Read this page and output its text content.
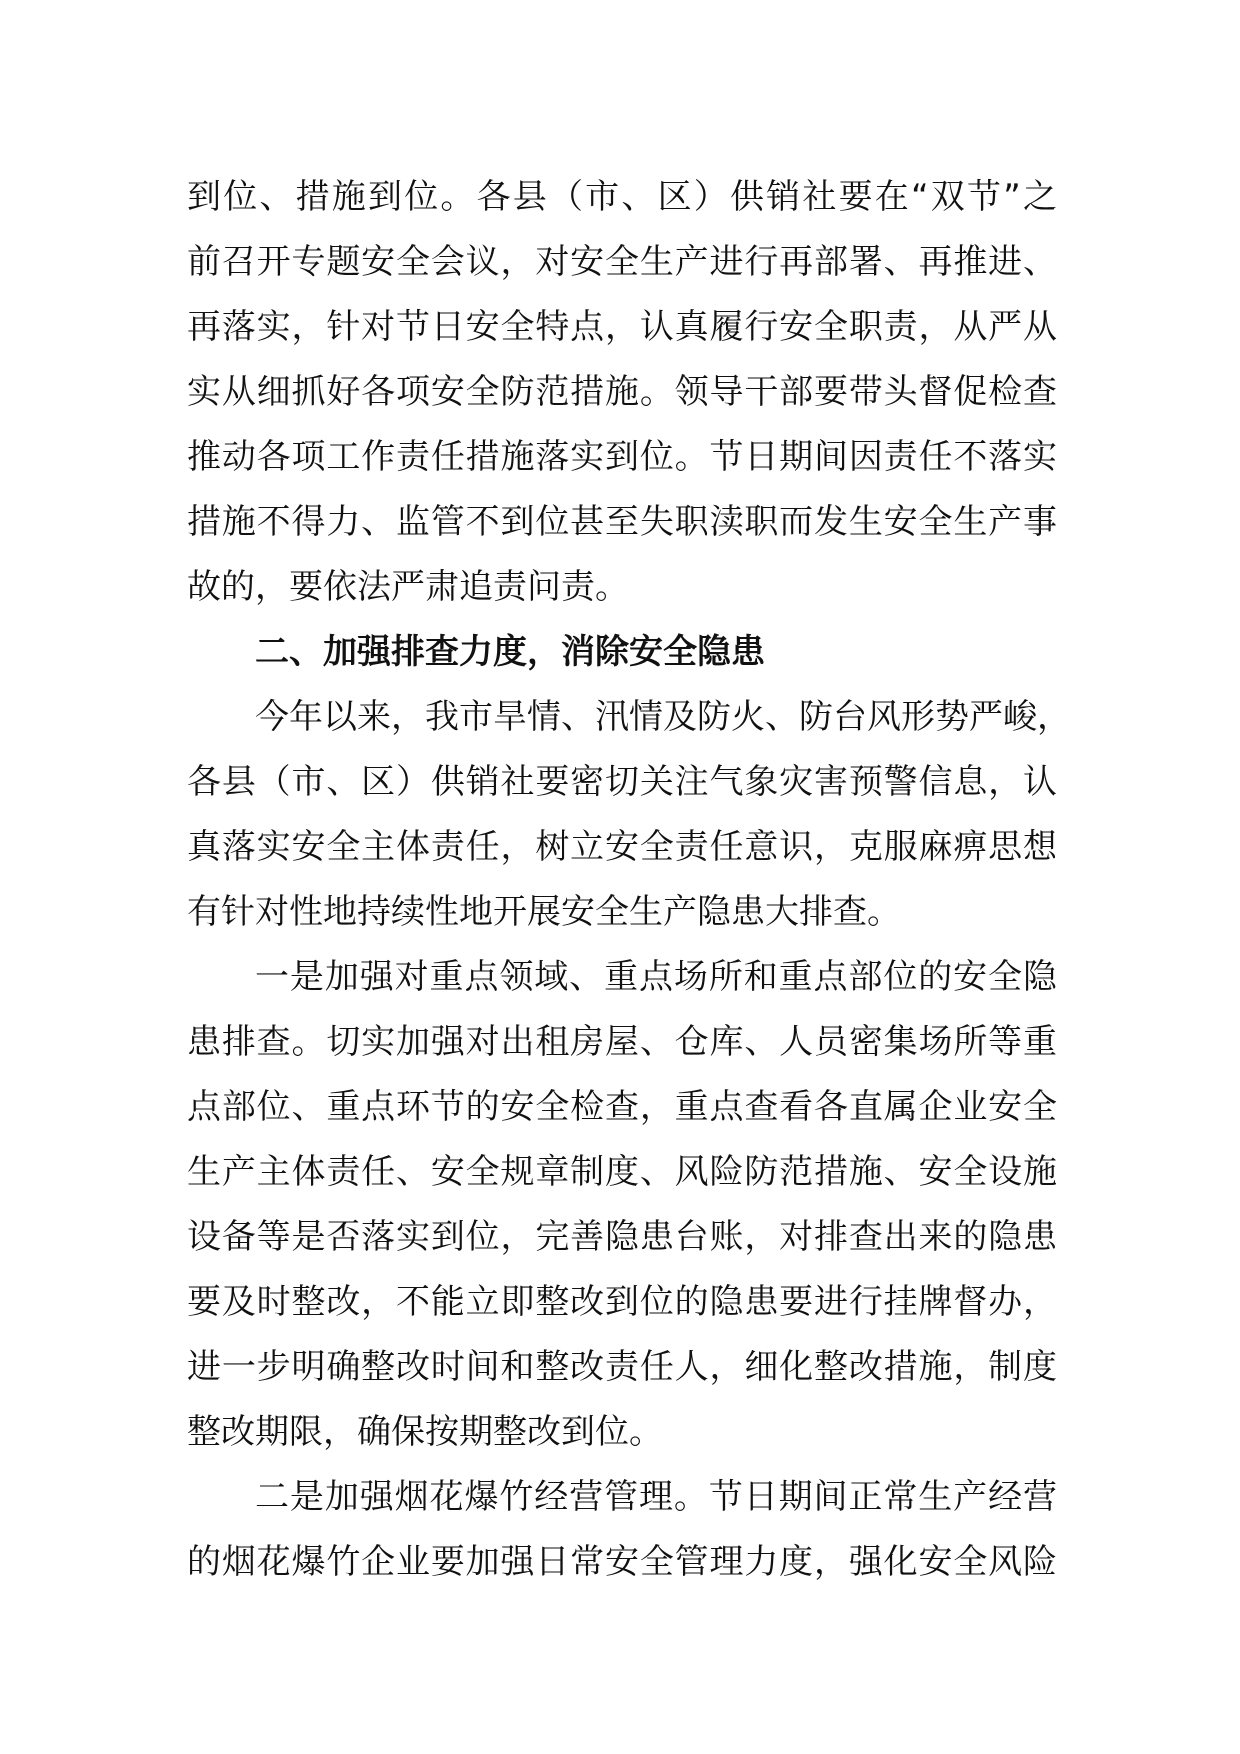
到位、措施到位。各县（市、区）供销社要在“双节”之
前召开专题安全会议，对安全生产进行再部署、再推进、
再落实，针对节日安全特点，认真履行安全职责，从严从
实从细抓好各项安全防范措施。领导干部要带头督促检查
推动各项工作责任措施落实到位。节日期间因责任不落实
措施不得力、监管不到位甚至失职渎职而发生安全生产事
故的，要依法严肃追责问责。
二、加强排查力度，消除安全隐患
今年以来，我市旱情、汛情及防火、防台风形势严峻，
各县（市、区）供销社要密切关注气象灾害预警信息，认
真落实安全主体责任，树立安全责任意识，克服麻痹思想
有针对性地持续性地开展安全生产隐患大排查。
一是加强对重点领域、重点场所和重点部位的安全隐
患排查。切实加强对出租房屋、仓库、人员密集场所等重
点部位、重点环节的安全检查，重点查看各直属企业安全
生产主体责任、安全规章制度、风险防范措施、安全设施
设备等是否落实到位，完善隐患台账，对排查出来的隐患
要及时整改，不能立即整改到位的隐患要进行挂牌督办，
进一步明确整改时间和整改责任人，细化整改措施，制度
整改期限，确保按期整改到位。
二是加强烟花爆竹经营管理。节日期间正常生产经营
的烟花爆竹企业要加强日常安全管理力度，强化安全风险
